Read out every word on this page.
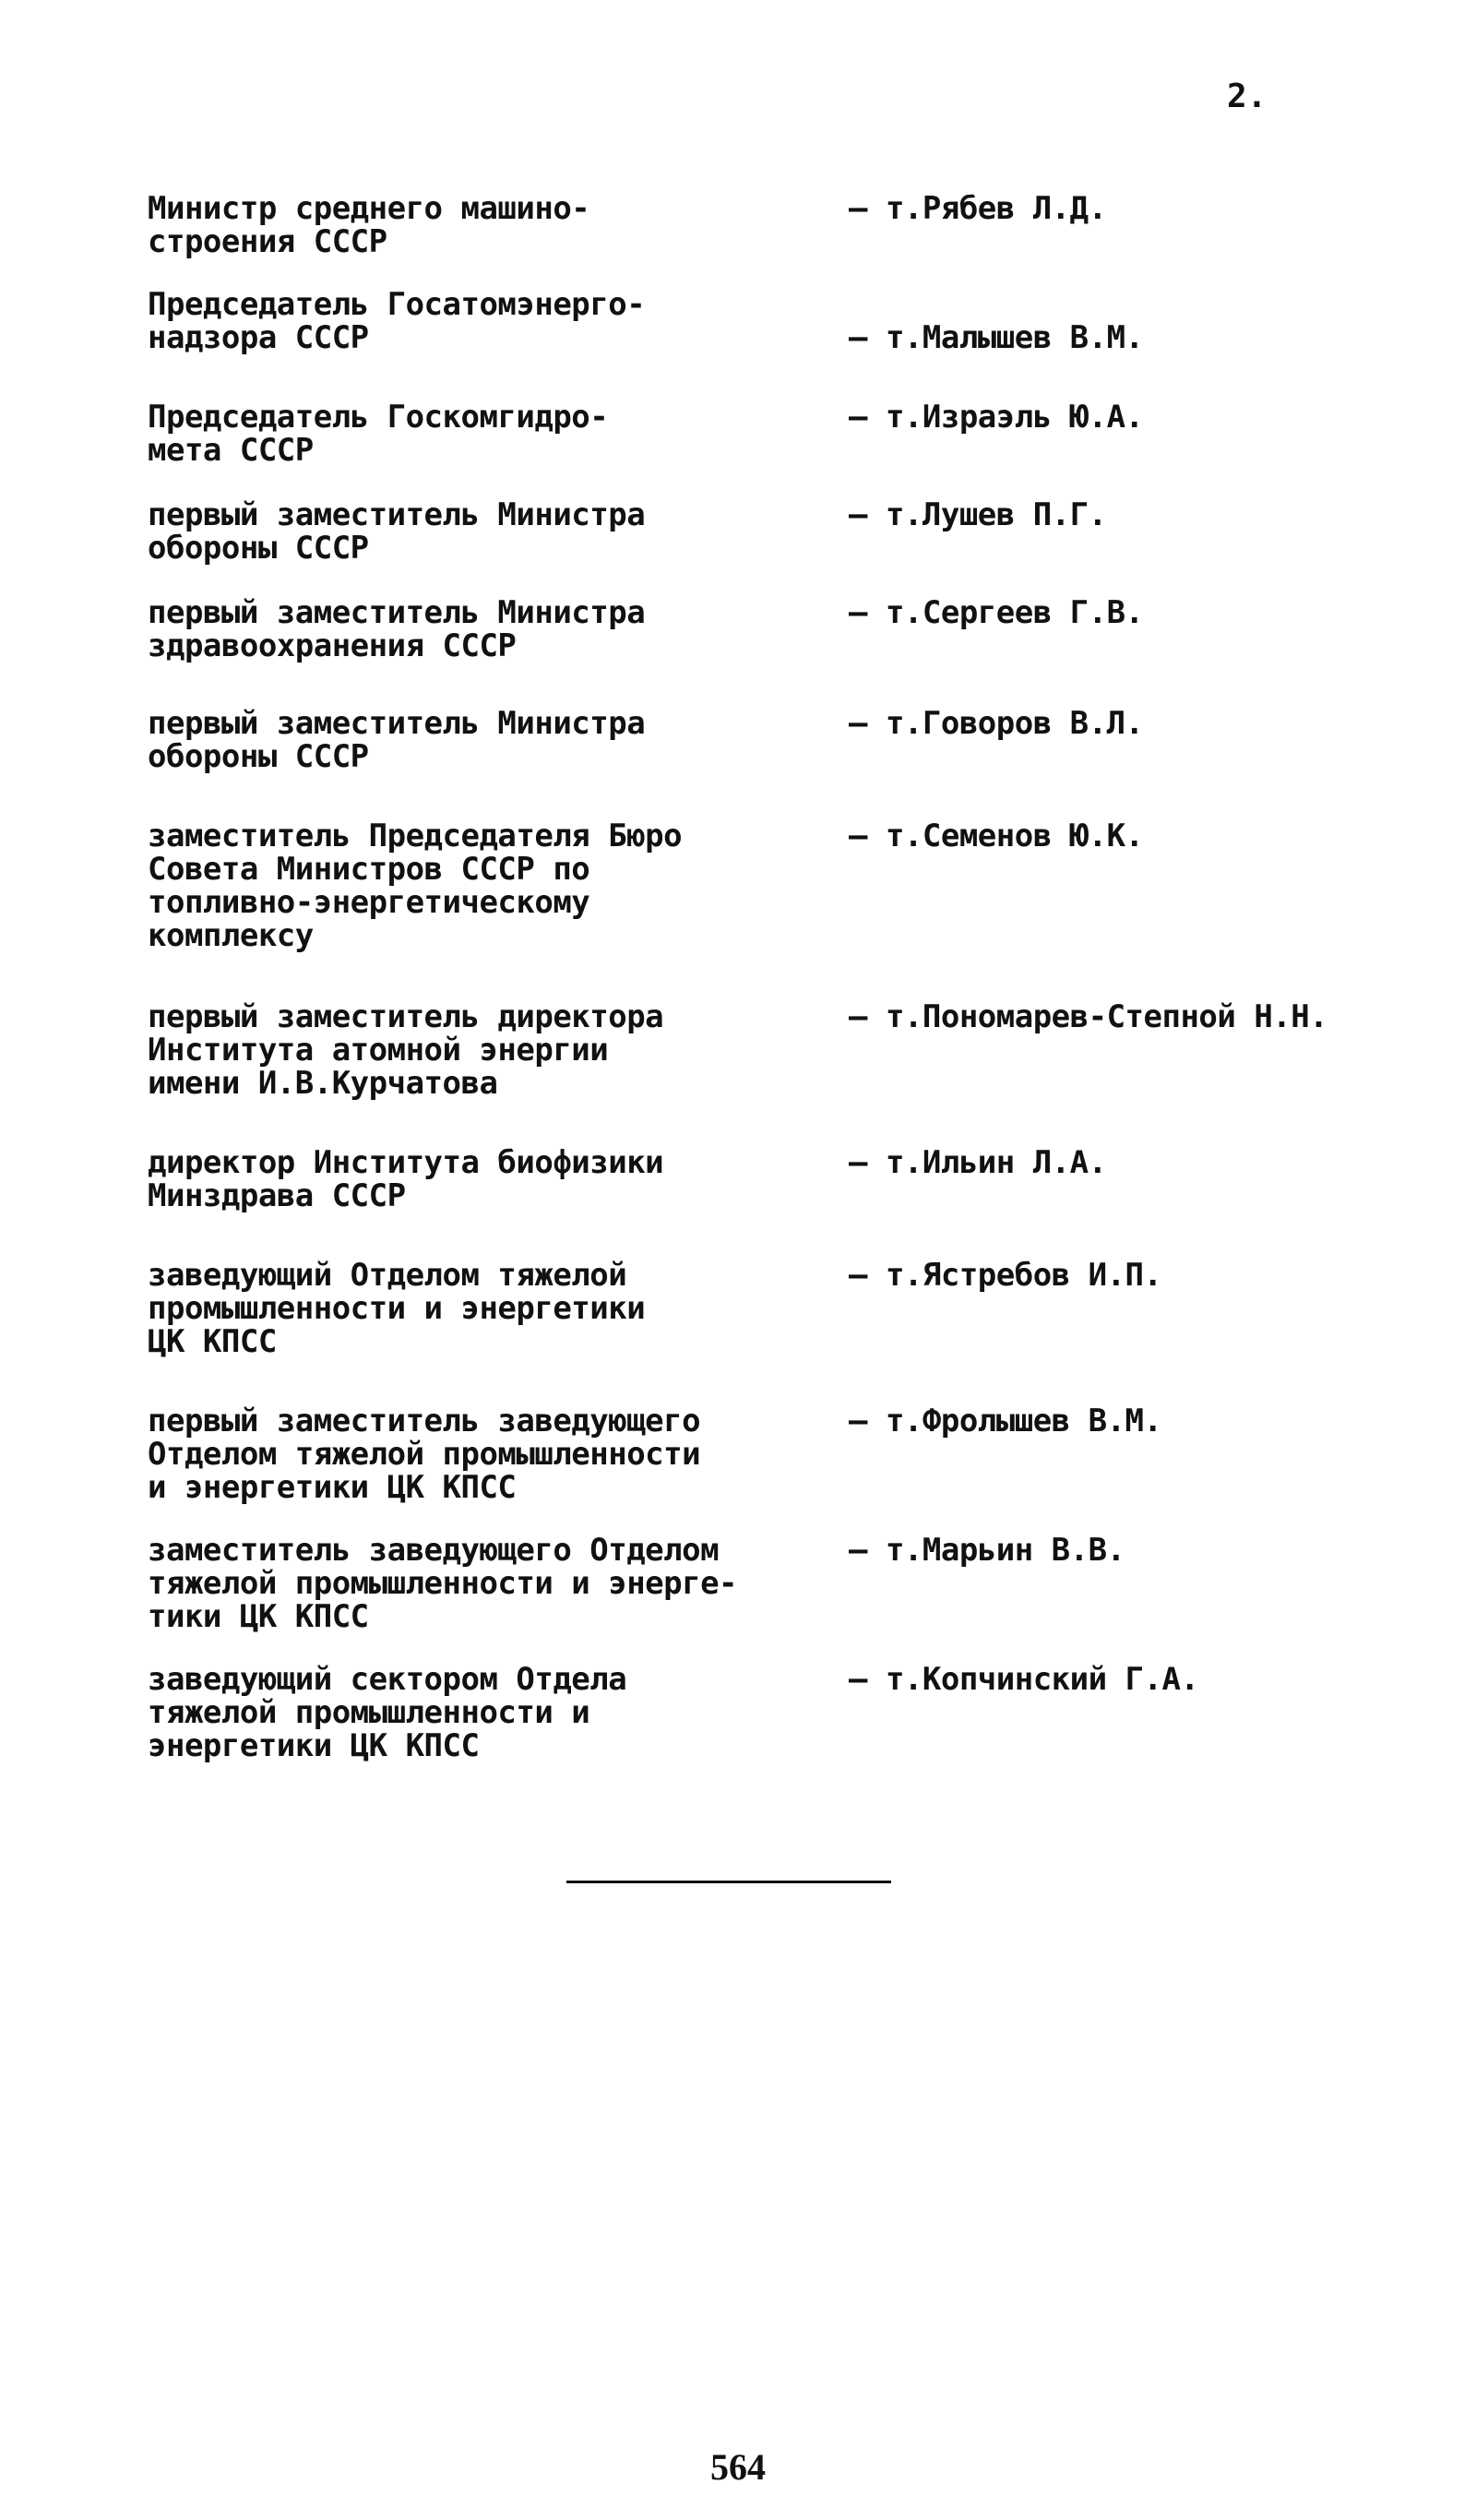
2.
Министр среднего машино-
строения СССР
– т.Рябев Л.Д.
Председатель Госатомэнерго-
надзора СССР	– т.Малышев В.М.
Председатель Госкомгидро-
мета СССР
– т.Израэль Ю.А.
первый заместитель Министра
обороны СССР
– т.Лушев П.Г.
первый заместитель Министра
здравоохранения СССР
– т.Сергеев Г.В.
первый заместитель Министра
обороны СССР
– т.Говоров В.Л.
заместитель Председателя Бюро
Совета Министров СССР по
топливно-энергетическому
комплексу
– т.Семенов Ю.К.
первый заместитель директора
Института атомной энергии
имени И.В.Курчатова
– т.Пономарев-Степной Н.Н.
директор Института биофизики
Минздрава СССР
– т.Ильин Л.А.
заведующий Отделом тяжелой
промышленности и энергетики
ЦК КПСС
– т.Ястребов И.П.
первый заместитель заведующего
Отделом тяжелой промышленности
и энергетики ЦК КПСС
– т.Фролышев В.М.
заместитель заведующего Отделом
тяжелой промышленности и энерге-
тики ЦК КПСС
– т.Марьин В.В.
заведующий сектором Отдела
тяжелой промышленности и
энергетики ЦК КПСС
– т.Копчинский Г.А.
564
